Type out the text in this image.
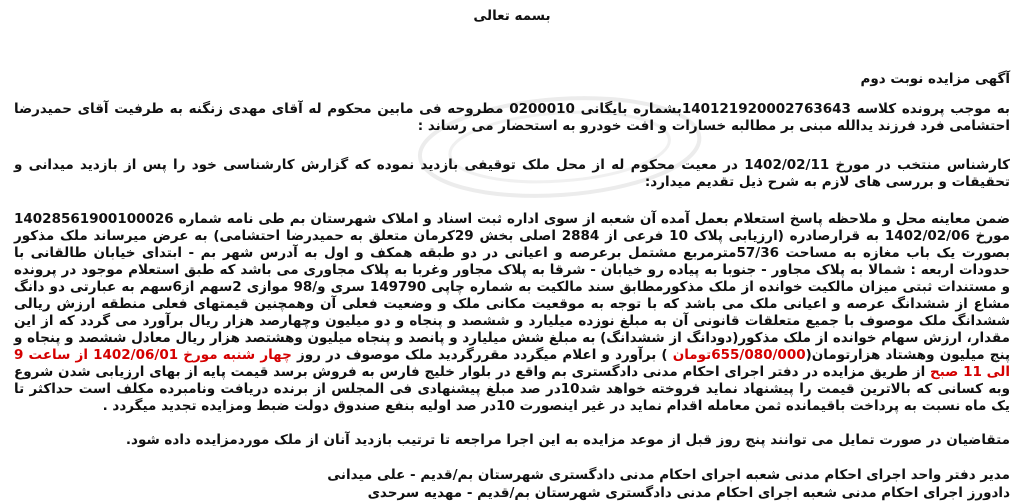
بسمه تعالی
آگهی مزایده نوبت دوم

به موجب پرونده کلاسه 140121920002763643بشماره بایگانی 0200010 مطروحه فی مابین محکوم له آقای مهدی زنگنه به طرفیت آقای حمیدرضا احتشامی فرد فرزند یدالله مبنی بر مطالبه خسارات و افت خودرو به استحضار می رساند :

کارشناس منتخب در مورخ 1402/02/11 در معیت محکوم له از محل ملک توقیفی بازدید نموده که گزارش کارشناسی خود را پس از بازدید میدانی و تحقیقات و بررسی های لازم به شرح ذیل تقدیم میدارد:

ضمن معاینه محل و ملاحظه پاسخ استعلام بعمل آمده آن شعبه از سوی اداره ثبت اسناد و املاک شهرستان بم طی نامه شماره 14028561900100026 مورخ 1402/02/06 به قرارصادره (ارزیابی پلاک 10 فرعی از 2884 اصلی بخش 29کرمان متعلق به حمیدرضا احتشامی) به عرض میرساند ملک مذکور بصورت یک باب مغازه به مساحت 57/36مترمربع مشتمل برعرصه و اعیانی در دو طبقه همکف و اول به آدرس شهر بم - ابتدای خیابان طالقانی با حدودات اربعه : شمالا به پلاک مجاور - جنوبا به پیاده رو خیابان - شرقا به پلاک مجاور وغربا به پلاک مجاوری می باشد که طبق استعلام موجود در پرونده و مستندات ثبتی میزان مالکیت خوانده از ملک مذکورمطابق سند مالکیت به شماره چاپی 149790 سری و/98 موازی 2سهم از6سهم به عبارتی دو دانگ مشاع از ششدانگ عرصه و اعیانی ملک می باشد که با توجه به موقعیت مکانی ملک و وضعیت فعلی آن وهمچنین قیمتهای فعلی منطقه ارزش ریالی ششدانگ ملک موصوف با جمیع متعلقات قانونی آن به مبلغ نوزده میلیارد و ششصد و پنجاه و دو میلیون وچهارصد هزار ریال برآورد می گردد که از این مقدار، ارزش سهام خوانده از ملک مذکور(دودانگ از ششدانگ) به مبلغ شش میلیارد و پانصد و پنجاه میلیون وهشتصد هزار ریال معادل ششصد و پنجاه و پنج میلیون وهشتاد هزارتومان(655/080/000تومان ) برآورد و اعلام میگردد مقررگردید ملک موصوف در روز چهار شنبه مورخ 1402/06/01 از ساعت 9 الی 11 صبح از طریق مزایده در دفتر اجرای احکام مدنی دادگستری بم واقع در بلوار خلیج فارس به فروش برسد قیمت پایه از بهای ارزیابی شدن شروع وبه کسانی که بالاترین قیمت را پیشنهاد نماید فروخته خواهد شد10در صد مبلغ پیشنهادی فی المجلس از برنده دریافت ونامبرده مکلف است حداکثر تا یک ماه نسبت به پرداخت باقیمانده ثمن معامله اقدام نماید در غیر اینصورت 10در صد اولیه بنفع صندوق دولت ضبط ومزایده تجدید میگردد .

متقاضیان در صورت تمایل می توانند پنج روز قبل از موعد مزایده به این اجرا مراجعه تا ترتیب بازدید آنان از ملک موردمزایده داده شود.

مدیر دفتر واحد اجرای احکام مدنی شعبه اجرای احکام مدنی دادگستری شهرستان بم/قدیم - علی میدانی
دادورز اجرای احکام مدنی شعبه اجرای احکام مدنی دادگستری شهرستان بم/قدیم - مهدیه سرحدی
